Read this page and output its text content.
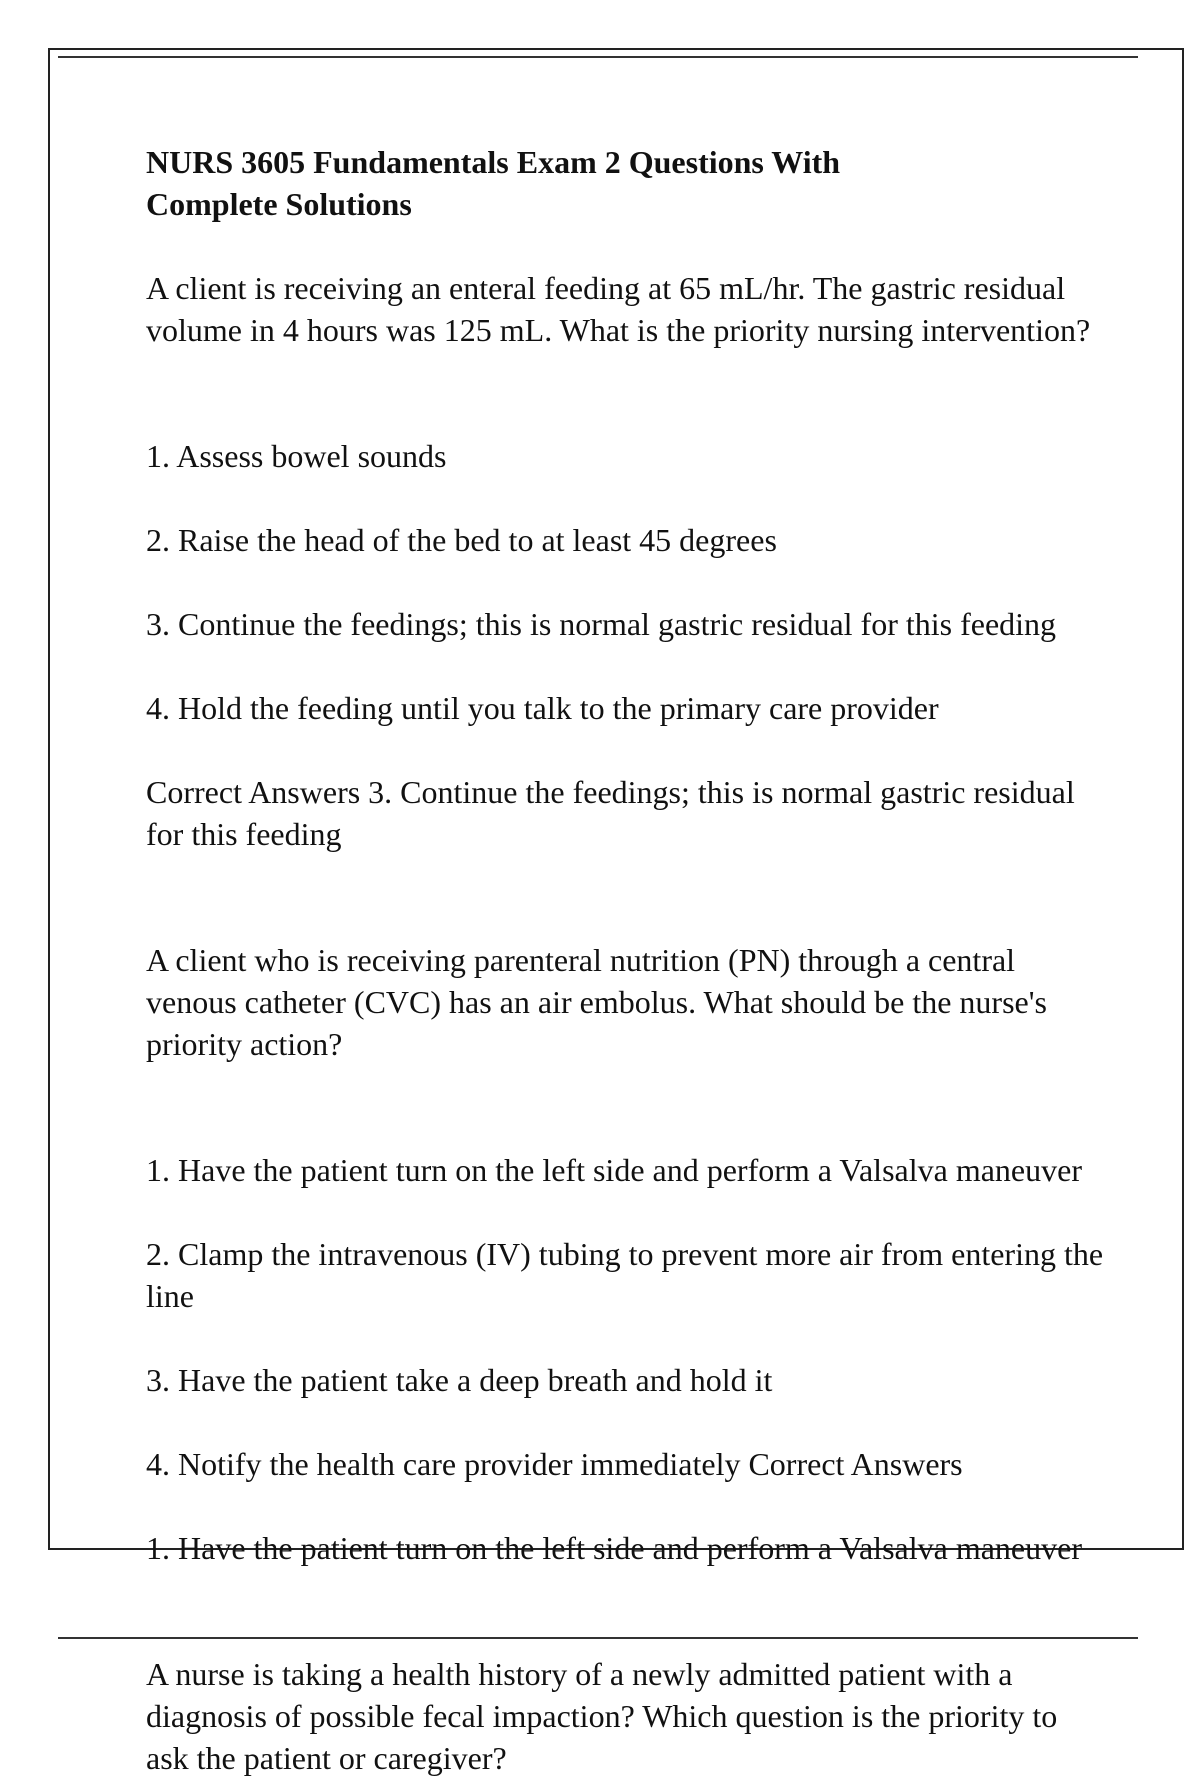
NURS 3605 Fundamentals Exam 2 Questions With Complete Solutions

A client is receiving an enteral feeding at 65 mL/hr. The gastric residual volume in 4 hours was 125 mL. What is the priority nursing intervention?

1. Assess bowel sounds

2. Raise the head of the bed to at least 45 degrees

3. Continue the feedings; this is normal gastric residual for this feeding

4. Hold the feeding until you talk to the primary care provider

Correct Answers 3. Continue the feedings; this is normal gastric residual for this feeding

A client who is receiving parenteral nutrition (PN) through a central venous catheter (CVC) has an air embolus. What should be the nurse's priority action?

1. Have the patient turn on the left side and perform a Valsalva maneuver

2. Clamp the intravenous (IV) tubing to prevent more air from entering the line

3. Have the patient take a deep breath and hold it

4. Notify the health care provider immediately Correct Answers

1. Have the patient turn on the left side and perform a Valsalva maneuver

A nurse is taking a health history of a newly admitted patient with a diagnosis of possible fecal impaction? Which question is the priority to ask the patient or caregiver?
